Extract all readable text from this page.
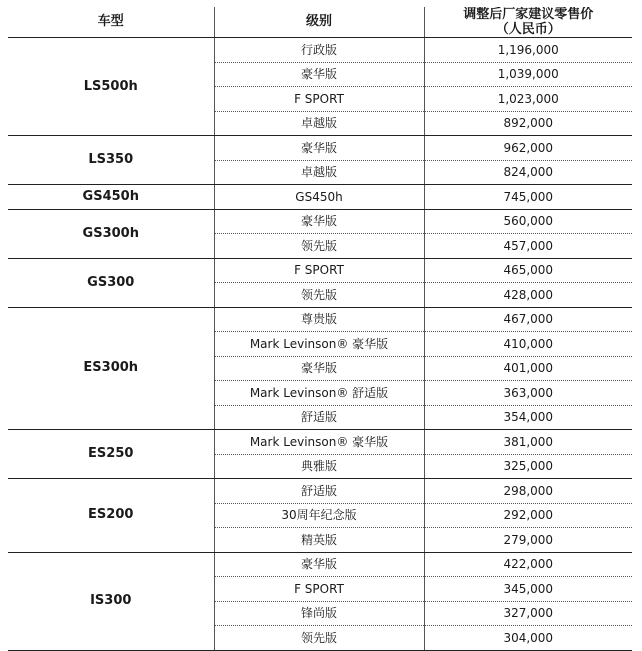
车型	级别	调整后厂家建议零售价
（人民币）

LS500h	行政版	1,196,000
	豪华版	1,039,000
	F SPORT	1,023,000
	卓越版	892,000
LS350	豪华版	962,000
	卓越版	824,000
GS450h	GS450h	745,000
GS300h	豪华版	560,000
	领先版	457,000
GS300	F SPORT	465,000
	领先版	428,000
ES300h	尊贵版	467,000
	Mark Levinson® 豪华版	410,000
	豪华版	401,000
	Mark Levinson® 舒适版	363,000
	舒适版	354,000
ES250	Mark Levinson® 豪华版	381,000
	典雅版	325,000
ES200	舒适版	298,000
	30周年纪念版	292,000
	精英版	279,000
IS300	豪华版	422,000
	F SPORT	345,000
	锋尚版	327,000
	领先版	304,000
